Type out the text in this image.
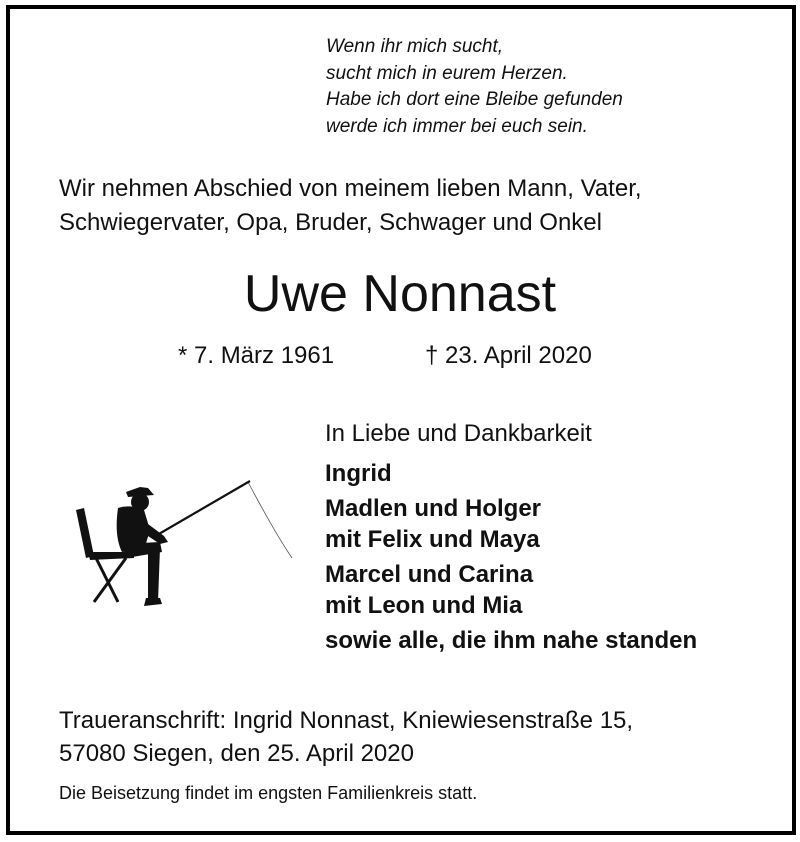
Wenn ihr mich sucht,
sucht mich in eurem Herzen.
Habe ich dort eine Bleibe gefunden
werde ich immer bei euch sein.
Wir nehmen Abschied von meinem lieben Mann, Vater,
Schwiegervater, Opa, Bruder, Schwager und Onkel
Uwe Nonnast
* 7. März 1961	† 23. April 2020
In Liebe und Dankbarkeit
Ingrid
Madlen und Holger
mit Felix und Maya
Marcel und Carina
mit Leon und Mia
sowie alle, die ihm nahe standen
Traueranschrift: Ingrid Nonnast, Kniewiesenstraße 15,
57080 Siegen, den 25. April 2020
Die Beisetzung findet im engsten Familienkreis statt.
